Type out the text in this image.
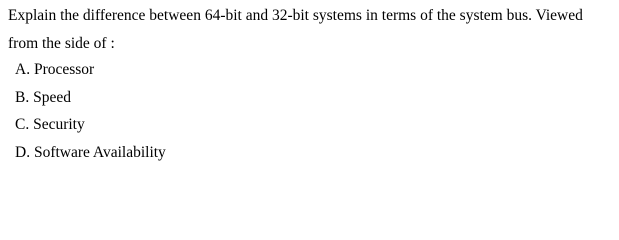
Explain the difference between 64-bit and 32-bit systems in terms of the system bus. Viewed from the side of :

A. Processor
B. Speed
C. Security
D. Software Availability
